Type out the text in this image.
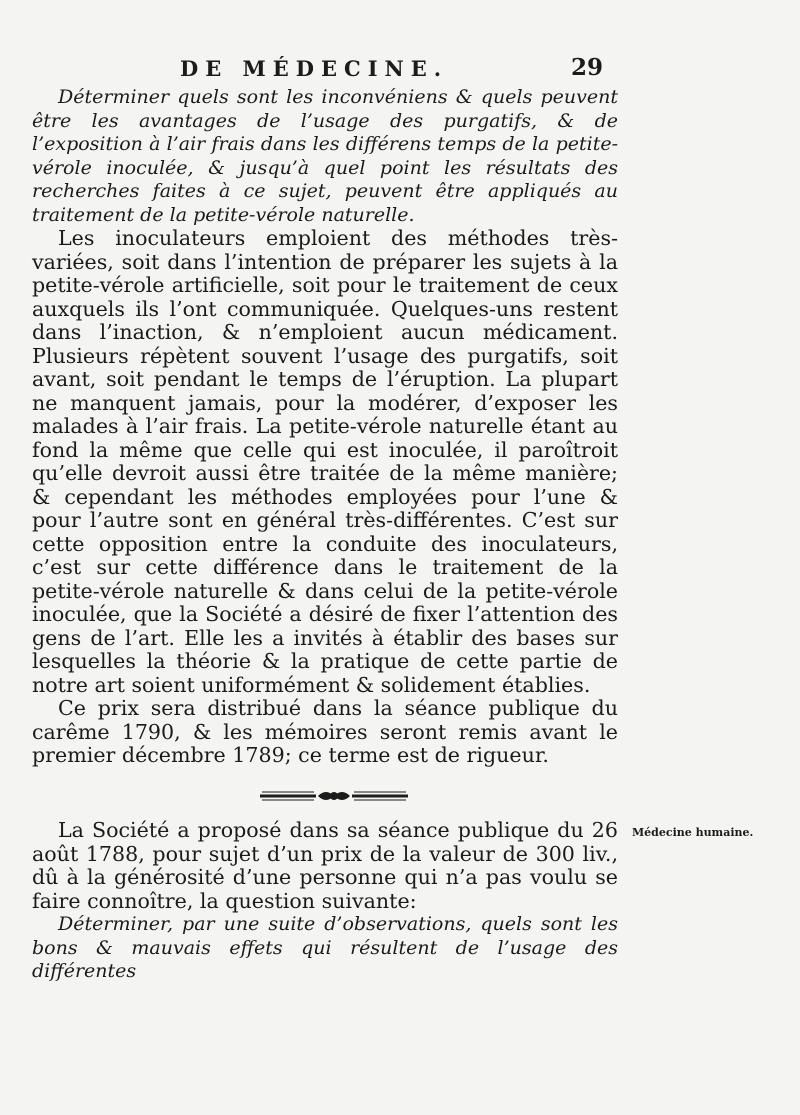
DE MÉDECINE.	29

Déterminer quels sont les inconvéniens & quels peuvent être les avantages de l’usage des purgatifs, & de l’exposition à l’air frais dans les différens temps de la petite-vérole inoculée, & jusqu’à quel point les résultats des recherches faites à ce sujet, peuvent être appliqués au traitement de la petite-vérole naturelle.

Les inoculateurs emploient des méthodes très-variées, soit dans l’intention de préparer les sujets à la petite-vérole artificielle, soit pour le traitement de ceux auxquels ils l’ont communiquée. Quelques-uns restent dans l’inaction, & n’emploient aucun médicament. Plusieurs répètent souvent l’usage des purgatifs, soit avant, soit pendant le temps de l’éruption. La plupart ne manquent jamais, pour la modérer, d’exposer les malades à l’air frais. La petite-vérole naturelle étant au fond la même que celle qui est inoculée, il paroîtroit qu’elle devroit aussi être traitée de la même manière; & cependant les méthodes employées pour l’une & pour l’autre sont en général très-différentes. C’est sur cette opposition entre la conduite des inoculateurs, c’est sur cette différence dans le traitement de la petite-vérole naturelle & dans celui de la petite-vérole inoculée, que la Société a désiré de fixer l’attention des gens de l’art. Elle les a invités à établir des bases sur lesquelles la théorie & la pratique de cette partie de notre art soient uniformément & solidement établies.

Ce prix sera distribué dans la séance publique du carême 1790, & les mémoires seront remis avant le premier décembre 1789; ce terme est de rigueur.

La Société a proposé dans sa séance publique du 26 août 1788, pour sujet d’un prix de la valeur de 300 liv., dû à la générosité d’une personne qui n’a pas voulu se faire connoître, la question suivante:

Déterminer, par une suite d’observations, quels sont les bons & mauvais effets qui résultent de l’usage des différentes

Médecine humaine.
